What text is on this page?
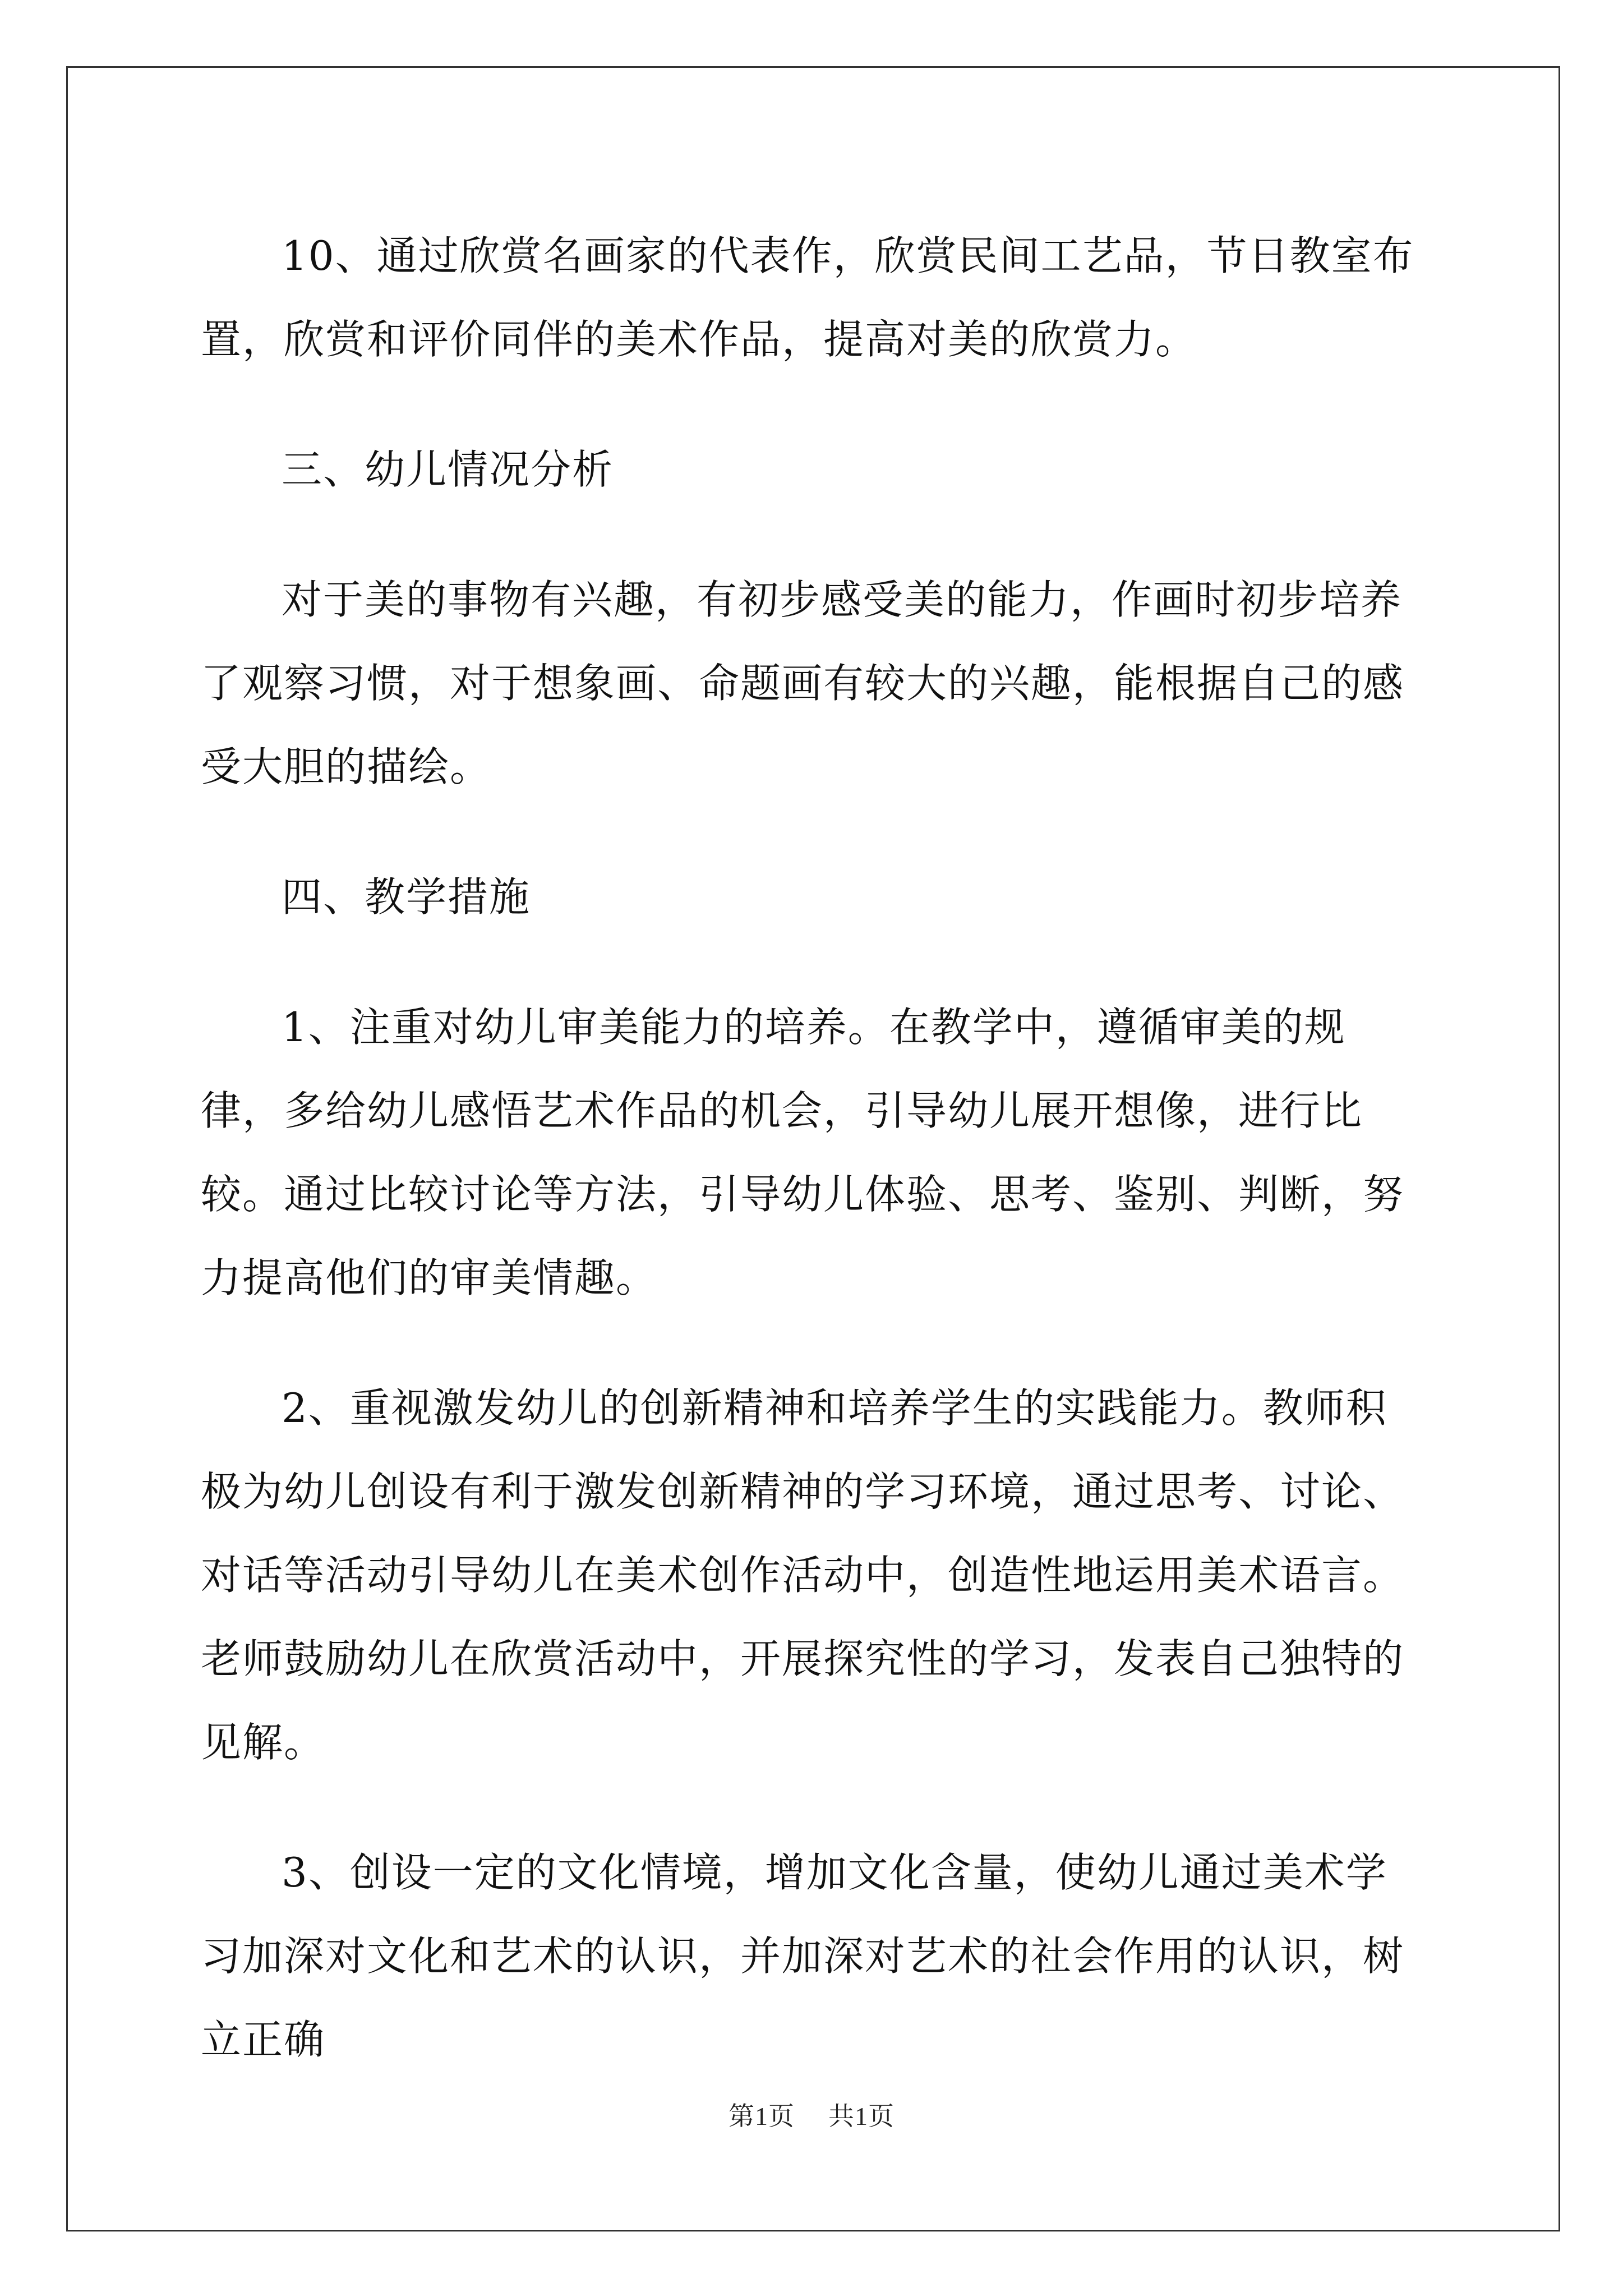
10、通过欣赏名画家的代表作，欣赏民间工艺品，节日教室布置，欣赏和评价同伴的美术作品，提高对美的欣赏力。

三、幼儿情况分析

对于美的事物有兴趣，有初步感受美的能力，作画时初步培养了观察习惯，对于想象画、命题画有较大的兴趣，能根据自己的感受大胆的描绘。

四、教学措施

1、注重对幼儿审美能力的培养。在教学中，遵循审美的规律，多给幼儿感悟艺术作品的机会，引导幼儿展开想像，进行比较。通过比较讨论等方法，引导幼儿体验、思考、鉴别、判断，努力提高他们的审美情趣。

2、重视激发幼儿的创新精神和培养学生的实践能力。教师积极为幼儿创设有利于激发创新精神的学习环境，通过思考、讨论、对话等活动引导幼儿在美术创作活动中，创造性地运用美术语言。老师鼓励幼儿在欣赏活动中，开展探究性的学习，发表自己独特的见解。

3、创设一定的文化情境，增加文化含量，使幼儿通过美术学习加深对文化和艺术的认识，并加深对艺术的社会作用的认识，树立正确

第1页 共1页
